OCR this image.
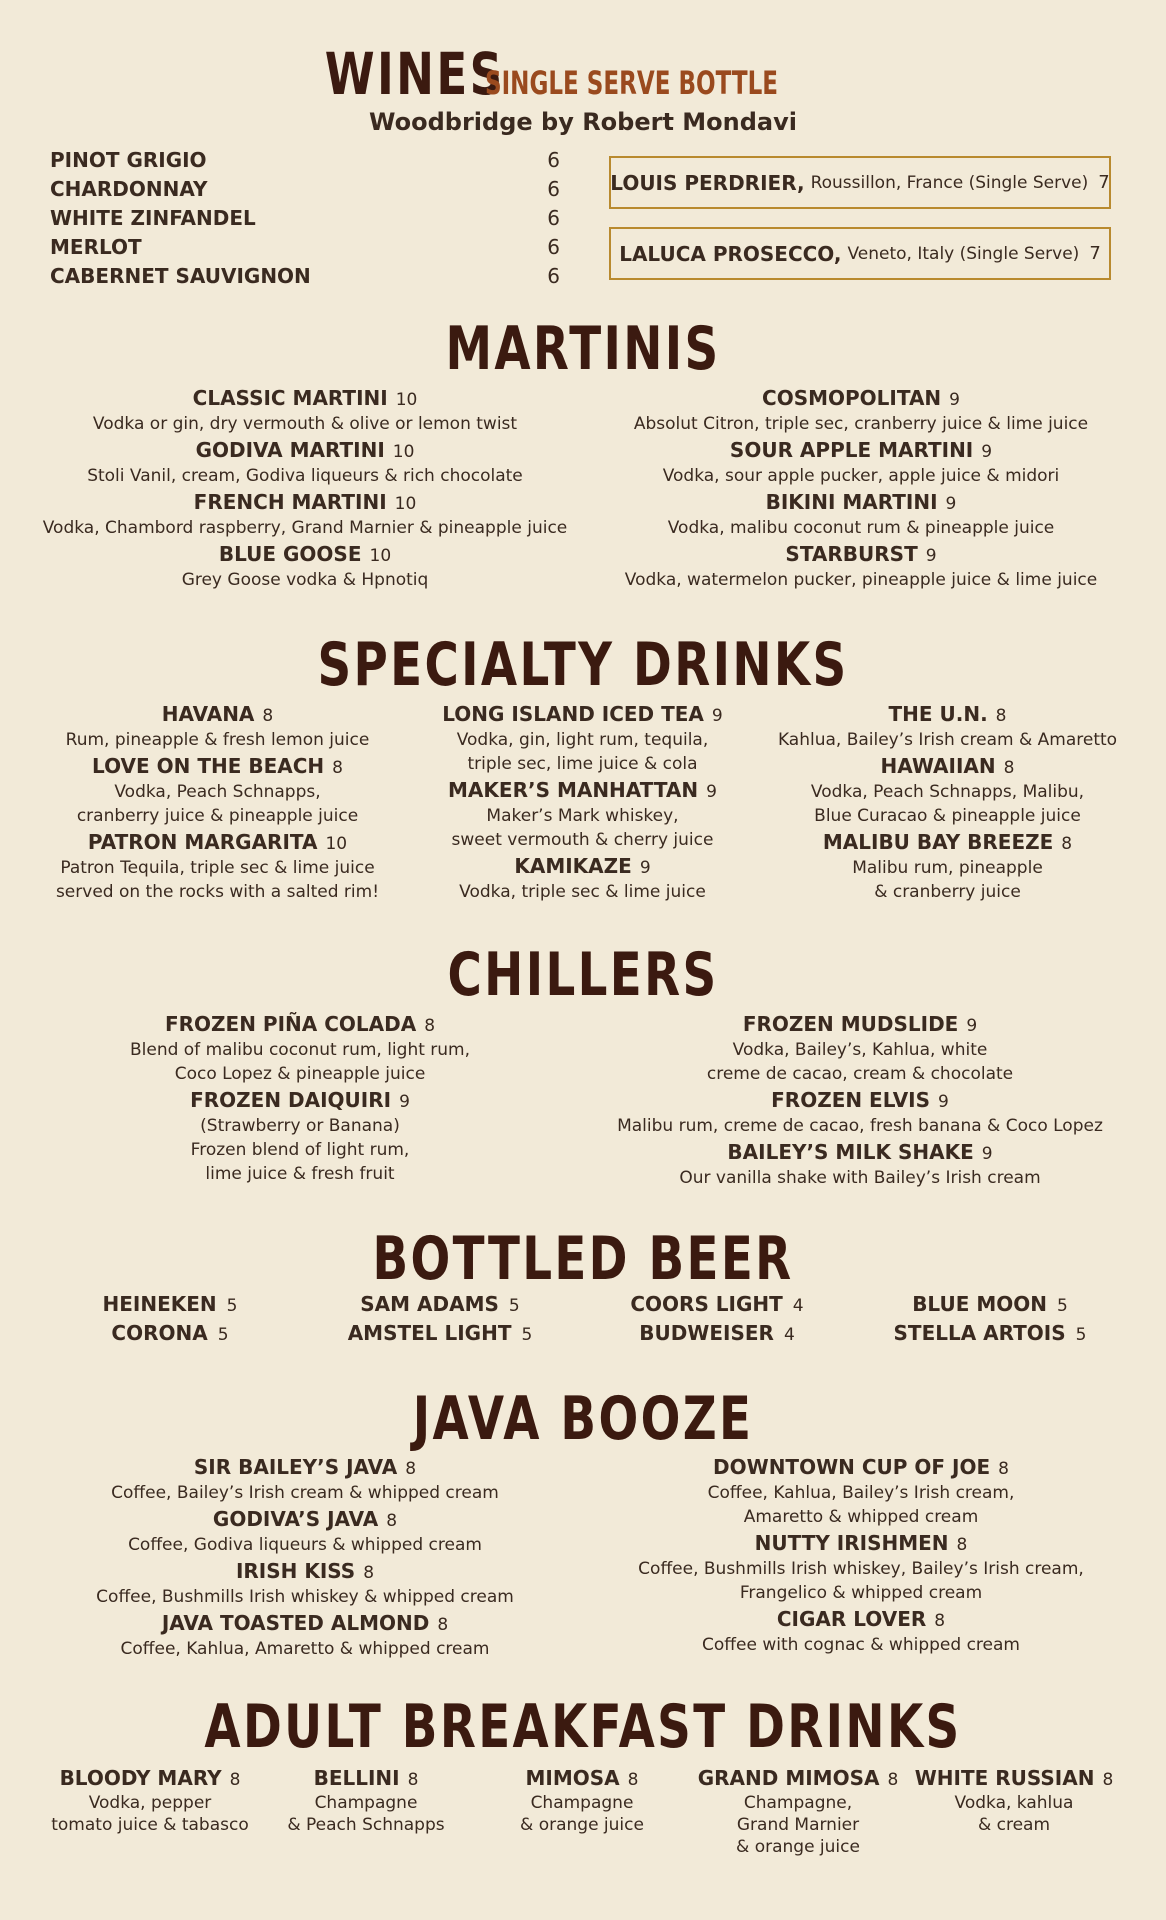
WINES SINGLE SERVE BOTTLE
Woodbridge by Robert Mondavi
PINOT GRIGIO	6
CHARDONNAY	6
WHITE ZINFANDEL	6
MERLOT	6
CABERNET SAUVIGNON	6
LOUIS PERDRIER, Roussillon, France (Single Serve) 7
LALUCA PROSECCO, Veneto, Italy (Single Serve) 7
MARTINIS
CLASSIC MARTINI 10
Vodka or gin, dry vermouth & olive or lemon twist
GODIVA MARTINI 10
Stoli Vanil, cream, Godiva liqueurs & rich chocolate
FRENCH MARTINI 10
Vodka, Chambord raspberry, Grand Marnier & pineapple juice
BLUE GOOSE 10
Grey Goose vodka & Hpnotiq
COSMOPOLITAN 9
Absolut Citron, triple sec, cranberry juice & lime juice
SOUR APPLE MARTINI 9
Vodka, sour apple pucker, apple juice & midori
BIKINI MARTINI 9
Vodka, malibu coconut rum & pineapple juice
STARBURST 9
Vodka, watermelon pucker, pineapple juice & lime juice
SPECIALTY DRINKS
HAVANA 8
Rum, pineapple & fresh lemon juice
LOVE ON THE BEACH 8
Vodka, Peach Schnapps,
cranberry juice & pineapple juice
PATRON MARGARITA 10
Patron Tequila, triple sec & lime juice
served on the rocks with a salted rim!
LONG ISLAND ICED TEA 9
Vodka, gin, light rum, tequila,
triple sec, lime juice & cola
MAKER’S MANHATTAN 9
Maker’s Mark whiskey,
sweet vermouth & cherry juice
KAMIKAZE 9
Vodka, triple sec & lime juice
THE U.N. 8
Kahlua, Bailey’s Irish cream & Amaretto
HAWAIIAN 8
Vodka, Peach Schnapps, Malibu,
Blue Curacao & pineapple juice
MALIBU BAY BREEZE 8
Malibu rum, pineapple
& cranberry juice
CHILLERS
FROZEN PIÑA COLADA 8
Blend of malibu coconut rum, light rum,
Coco Lopez & pineapple juice
FROZEN DAIQUIRI 9
(Strawberry or Banana)
Frozen blend of light rum,
lime juice & fresh fruit
FROZEN MUDSLIDE 9
Vodka, Bailey’s, Kahlua, white
creme de cacao, cream & chocolate
FROZEN ELVIS 9
Malibu rum, creme de cacao, fresh banana & Coco Lopez
BAILEY’S MILK SHAKE 9
Our vanilla shake with Bailey’s Irish cream
BOTTLED BEER
HEINEKEN 5	SAM ADAMS 5	COORS LIGHT 4	BLUE MOON 5
CORONA 5	AMSTEL LIGHT 5	BUDWEISER 4	STELLA ARTOIS 5
JAVA BOOZE
SIR BAILEY’S JAVA 8
Coffee, Bailey’s Irish cream & whipped cream
GODIVA’S JAVA 8
Coffee, Godiva liqueurs & whipped cream
IRISH KISS 8
Coffee, Bushmills Irish whiskey & whipped cream
JAVA TOASTED ALMOND 8
Coffee, Kahlua, Amaretto & whipped cream
DOWNTOWN CUP OF JOE 8
Coffee, Kahlua, Bailey’s Irish cream,
Amaretto & whipped cream
NUTTY IRISHMEN 8
Coffee, Bushmills Irish whiskey, Bailey’s Irish cream,
Frangelico & whipped cream
CIGAR LOVER 8
Coffee with cognac & whipped cream
ADULT BREAKFAST DRINKS
BLOODY MARY 8
Vodka, pepper
tomato juice & tabasco
BELLINI 8
Champagne
& Peach Schnapps
MIMOSA 8
Champagne
& orange juice
GRAND MIMOSA 8
Champagne,
Grand Marnier
& orange juice
WHITE RUSSIAN 8
Vodka, kahlua
& cream
